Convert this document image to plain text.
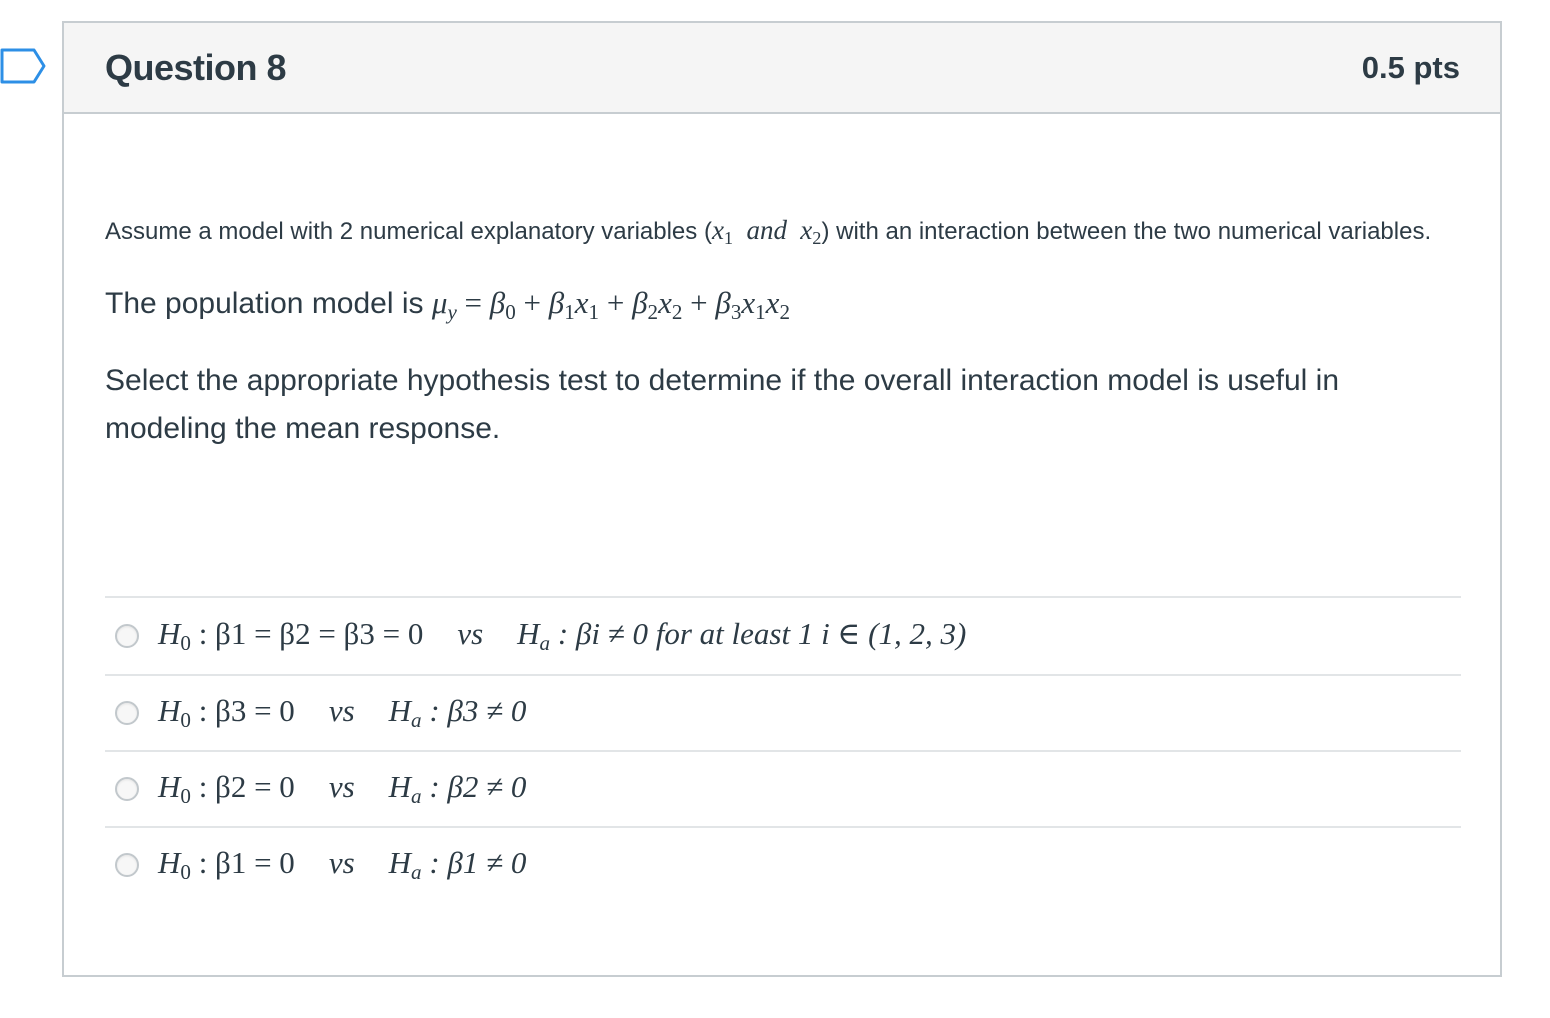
Question 8	0.5 pts

Assume a model with 2 numerical explanatory variables ($x_1$ and $x_2$) with an interaction between the two numerical variables.

The population model is $\mu y = \beta_0 + \beta_1x_1 + \beta_2x_2 + \beta_3x_1x_2$

Select the appropriate hypothesis test to determine if the overall interaction model is useful in modeling the mean response.

$H_0$ : β1 = β2 = β3 = 0 vs Ha : βi ≠ 0 for at least 1 i ∈ (1, 2, 3)
$H_0$ : β3 = 0 vs Ha : β3 ≠ 0
$H_0$ : β2 = 0 vs Ha : β2 ≠ 0
$H_0$ : β1 = 0 vs Ha : β1 ≠ 0
